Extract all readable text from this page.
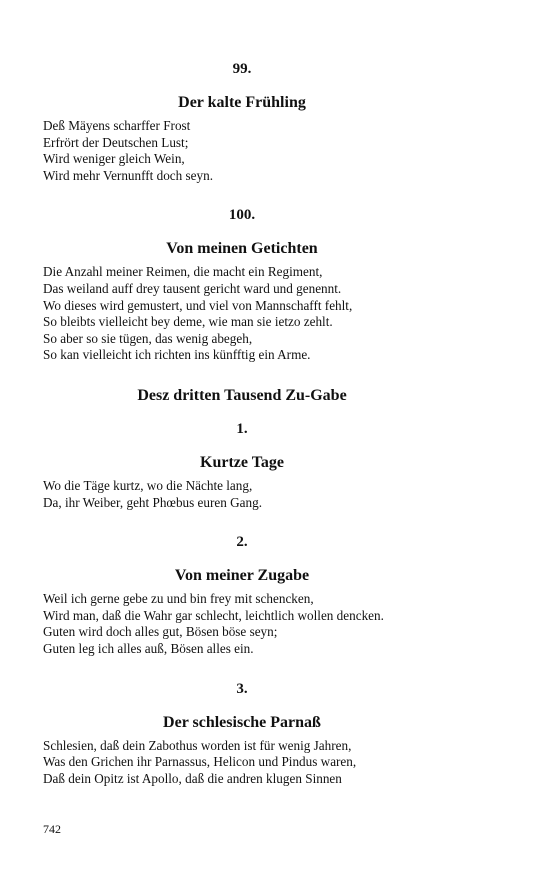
99.

Der kalte Frühling

Deß Mäyens scharffer Frost
Erfrört der Deutschen Lust;
Wird weniger gleich Wein,
Wird mehr Vernunfft doch seyn.

100.

Von meinen Getichten

Die Anzahl meiner Reimen, die macht ein Regiment,
Das weiland auff drey tausent gericht ward und genennt.
Wo dieses wird gemustert, und viel von Mannschafft fehlt,
So bleibts vielleicht bey deme, wie man sie ietzo zehlt.
So aber so sie tügen, das wenig abegeh,
So kan vielleicht ich richten ins künfftig ein Arme.

Desz dritten Tausend Zu-Gabe

1.

Kurtze Tage

Wo die Täge kurtz, wo die Nächte lang,
Da, ihr Weiber, geht Phœbus euren Gang.

2.

Von meiner Zugabe

Weil ich gerne gebe zu und bin frey mit schencken,
Wird man, daß die Wahr gar schlecht, leichtlich wollen dencken.
Guten wird doch alles gut, Bösen böse seyn;
Guten leg ich alles auß, Bösen alles ein.

3.

Der schlesische Parnaß

Schlesien, daß dein Zabothus worden ist für wenig Jahren,
Was den Grichen ihr Parnassus, Helicon und Pindus waren,
Daß dein Opitz ist Apollo, daß die andren klugen Sinnen
742
